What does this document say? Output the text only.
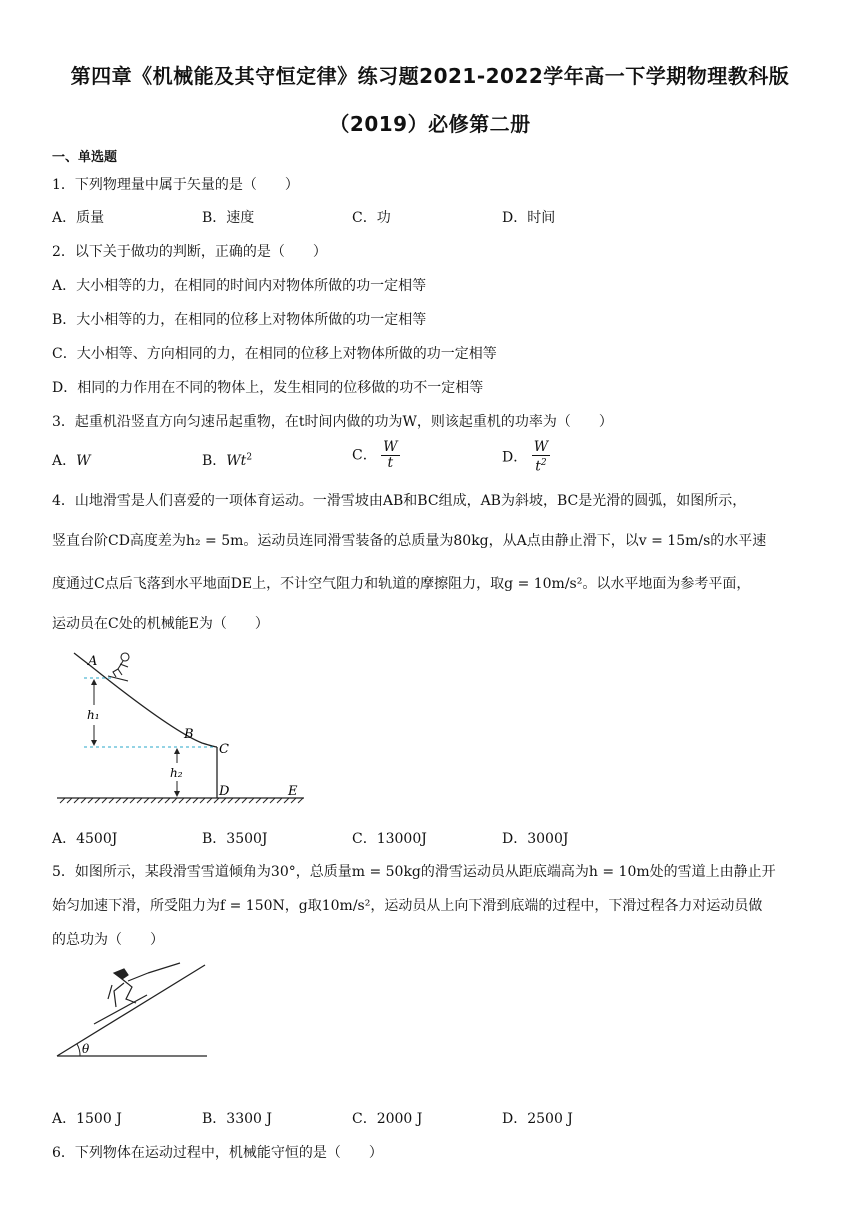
第四章《机械能及其守恒定律》练习题2021-2022学年高一下学期物理教科版
（2019）必修第二册
一、单选题
1．下列物理量中属于矢量的是（　　）
A．质量	B．速度	C．功	D．时间
2．以下关于做功的判断，正确的是（　　）
A．大小相等的力，在相同的时间内对物体所做的功一定相等
B．大小相等的力，在相同的位移上对物体所做的功一定相等
C．大小相等、方向相同的力，在相同的位移上对物体所做的功一定相等
D．相同的力作用在不同的物体上，发生相同的位移做的功不一定相等
3．起重机沿竖直方向匀速吊起重物，在t时间内做的功为W，则该起重机的功率为（　　）
A．W	B．Wt$^2$	C． $\frac{W}{t}$	D． $\frac{W}{t^2}$
4．山地滑雪是人们喜爱的一项体育运动。一滑雪坡由AB和BC组成，AB为斜坡，BC是光滑的圆弧，如图所示，
竖直台阶CD高度差为h₂ = 5m。运动员连同滑雪装备的总质量为80kg，从A点由静止滑下，以v = 15m/s的水平速
度通过C点后飞落到水平地面DE上，不计空气阻力和轨道的摩擦阻力，取g = 10m/s²。以水平地面为参考平面，
运动员在C处的机械能E为（　　）
A
B
C
D	E
h₁
h₂
A．4500J	B．3500J	C．13000J	D．3000J
5．如图所示，某段滑雪雪道倾角为30°，总质量m = 50kg的滑雪运动员从距底端高为h = 10m处的雪道上由静止开
始匀加速下滑，所受阻力为f = 150N，g取10m/s²，运动员从上向下滑到底端的过程中，下滑过程各力对运动员做
的总功为（　　）
θ
A．1500 J	B．3300 J	C．2000 J	D．2500 J
6．下列物体在运动过程中，机械能守恒的是（　　）
